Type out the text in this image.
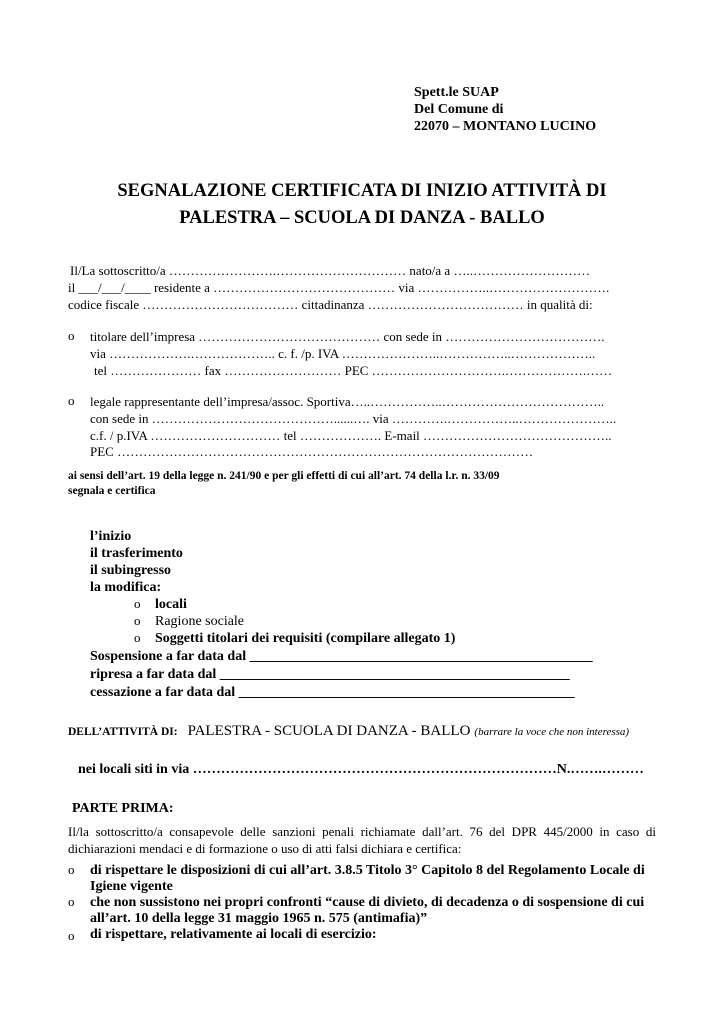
Spett.le SUAP
Del Comune di
22070 – MONTANO LUCINO
SEGNALAZIONE CERTIFICATA DI INIZIO ATTIVITÀ DI
PALESTRA – SCUOLA DI DANZA - BALLO
Il/La sottoscritto/a …………………….………………………… nato/a a …..………………………
il ___/___/____ residente a …………………………………… via ……………..……………………….
codice fiscale ……………………………… cittadinanza ……………………………… in qualità di:
o titolare dell’impresa …………………………………… con sede in ……………………………….
via ……………….……………….. c. f. /p. IVA …………………..……………..………………..
tel ………………… fax ……………………… PEC ………………………….……………….……
o legale rappresentante dell’impresa/assoc. Sportiva…..……………..………………………………..
con sede in ……………………………………......…. via ………….……………..…………………..
c.f. / p.IVA ………………………… tel ………………. E-mail ……………………………………..
PEC ……………………………………………………………………………………
ai sensi dell’art. 19 della legge n. 241/90 e per gli effetti di cui all’art. 74 della l.r. n. 33/09
segnala e certifica
l’inizio
il trasferimento
il subingresso
la modifica:
o locali
o Ragione sociale
o Soggetti titolari dei requisiti (compilare allegato 1)
Sospensione a far data dal _________________________________________________
ripresa a far data dal __________________________________________________
cessazione a far data dal ________________________________________________
DELL’ATTIVITÀ DI: PALESTRA - SCUOLA DI DANZA - BALLO (barrare la voce che non interessa)
nei locali siti in via ……………………………………………………………………N.…….………
PARTE PRIMA:
Il/la sottoscritto/a consapevole delle sanzioni penali richiamate dall’art. 76 del DPR 445/2000 in caso di dichiarazioni mendaci e di formazione o uso di atti falsi dichiara e certifica:
o di rispettare le disposizioni di cui all’art. 3.8.5 Titolo 3° Capitolo 8 del Regolamento Locale di
Igiene vigente
o che non sussistono nei propri confronti “cause di divieto, di decadenza o di sospensione di cui
all’art. 10 della legge 31 maggio 1965 n. 575 (antimafia)”
o di rispettare, relativamente ai locali di esercizio:
